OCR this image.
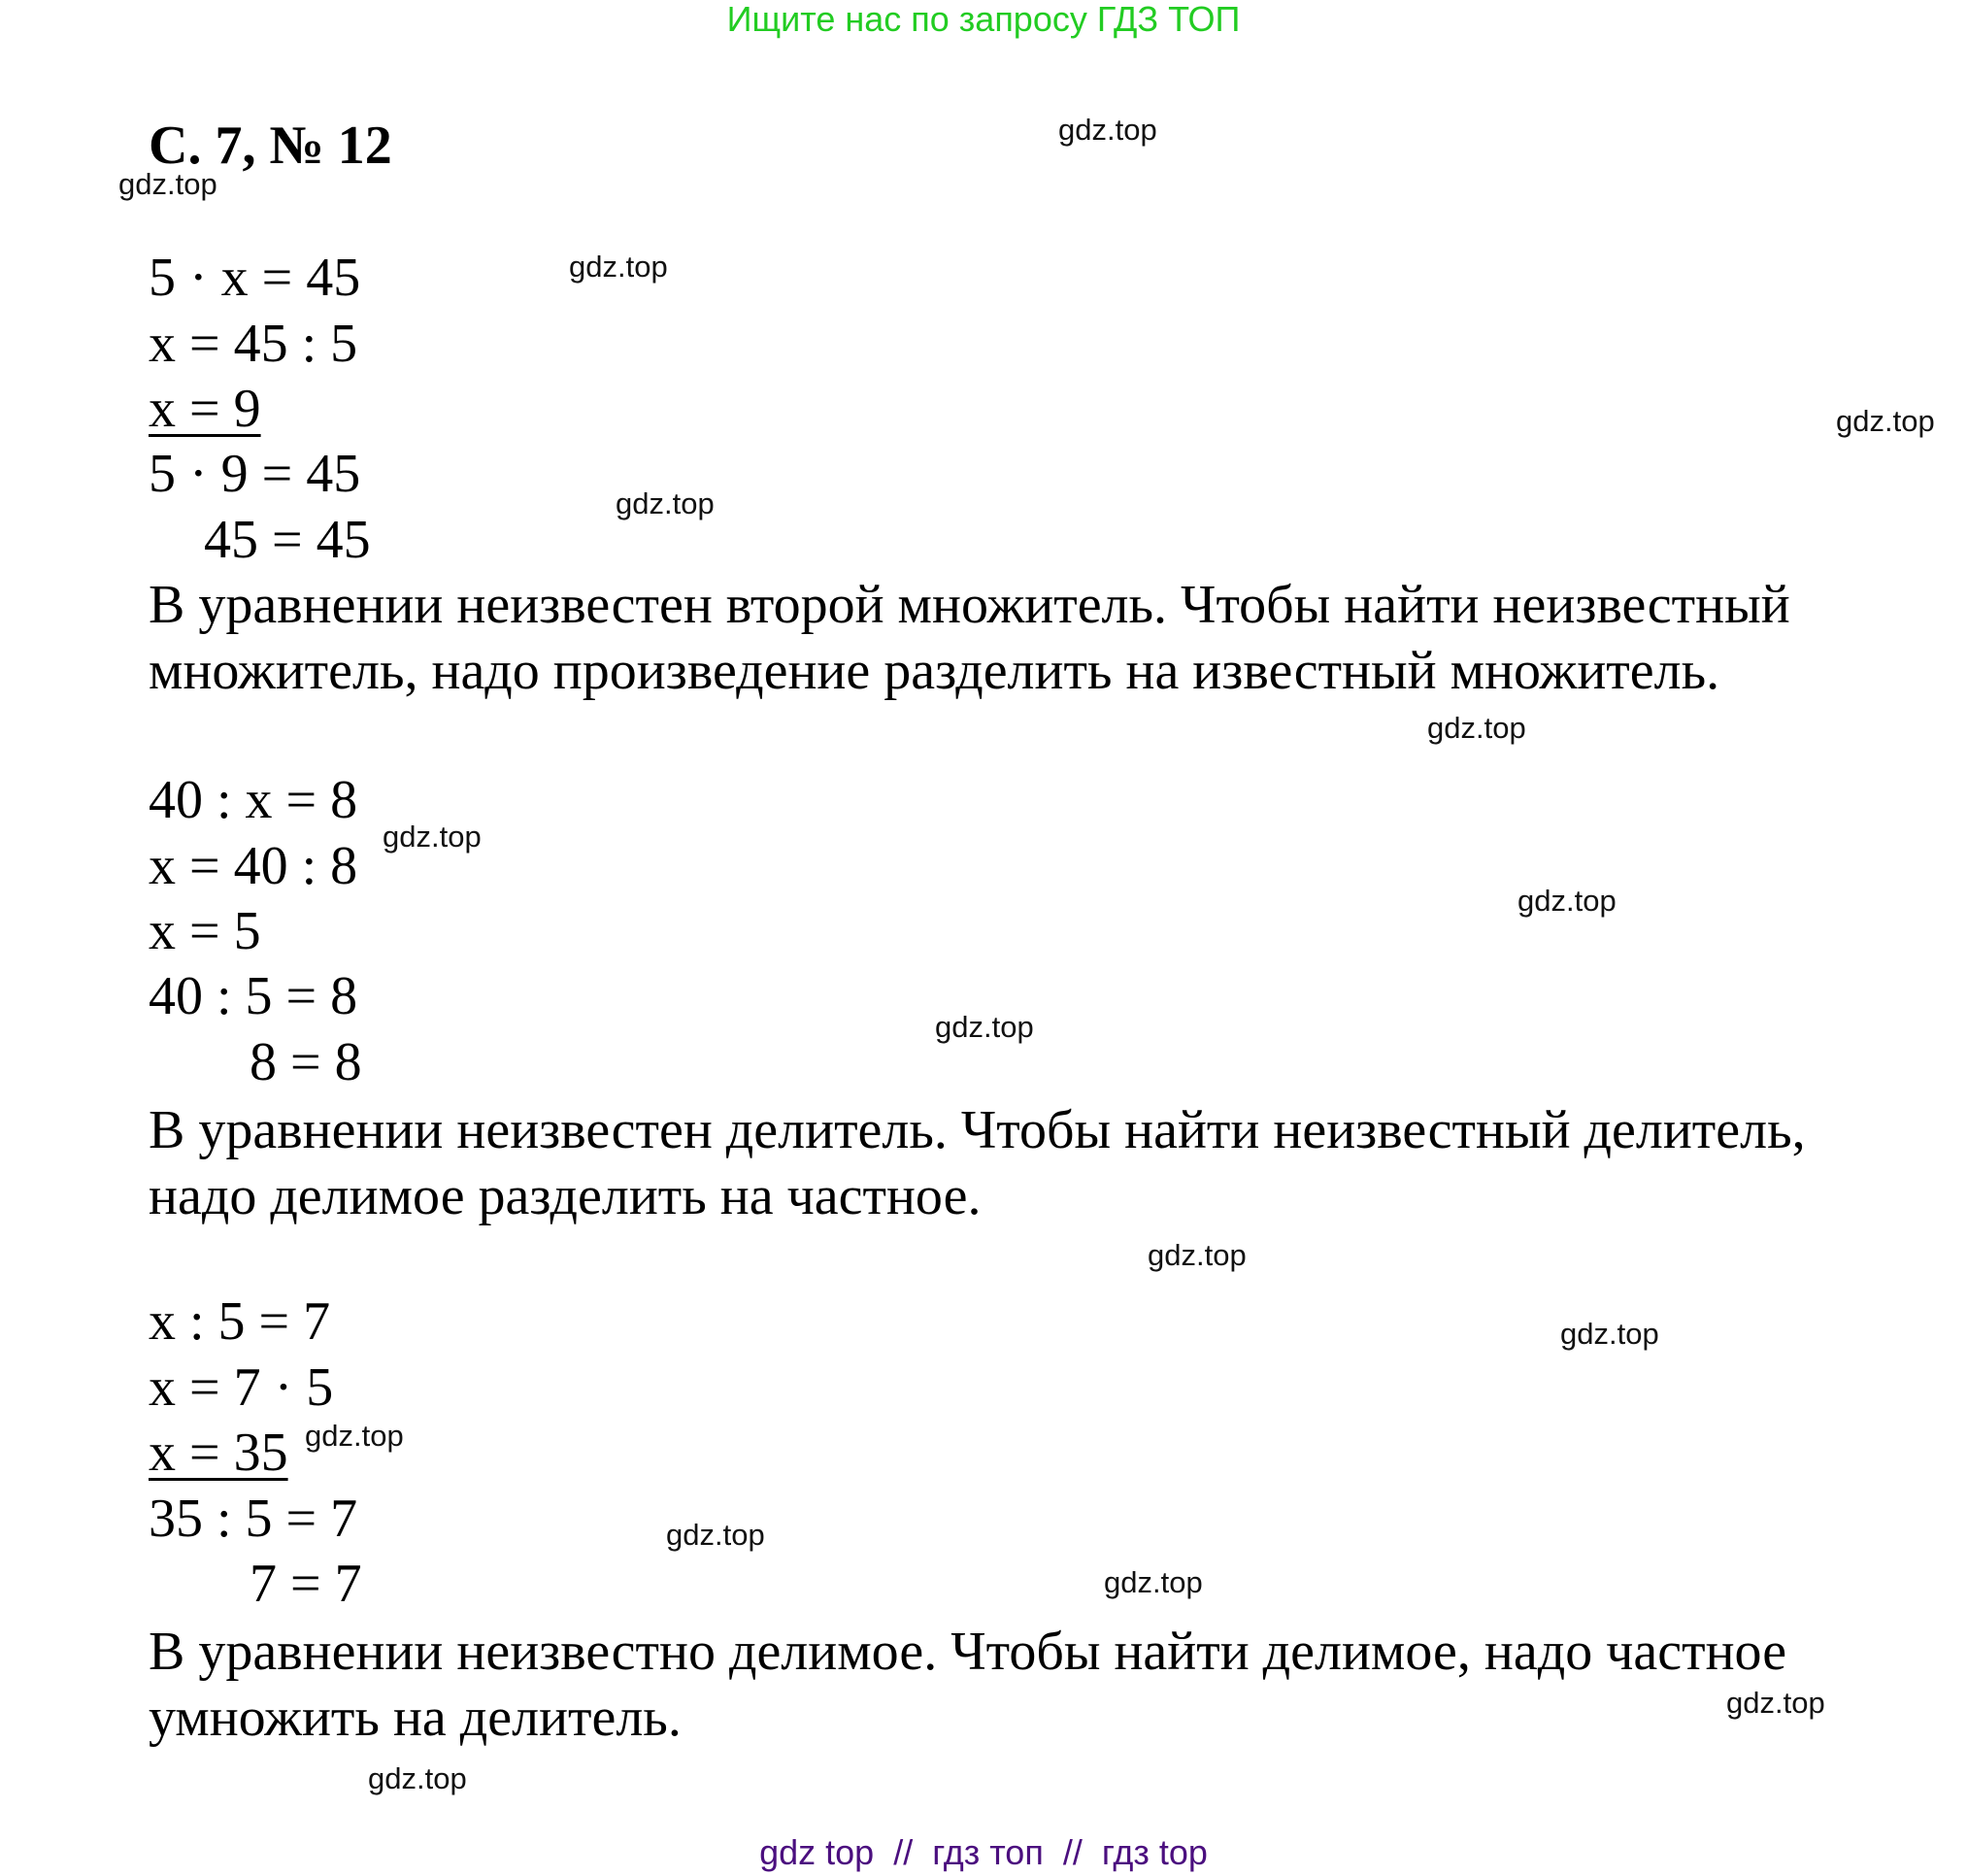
Ищите нас по запросу ГДЗ ТОП
С. 7, № 12
5 · x = 45
x = 45 : 5
x = 9
5 · 9 = 45
45 = 45
В уравнении неизвестен второй множитель. Чтобы найти неизвестный
множитель, надо произведение разделить на известный множитель.
40 : x = 8
x = 40 : 8
x = 5
40 : 5 = 8
8 = 8
В уравнении неизвестен делитель. Чтобы найти неизвестный делитель,
надо делимое разделить на частное.
x : 5 = 7
x = 7 · 5
x = 35
35 : 5 = 7
7 = 7
В уравнении неизвестно делимое. Чтобы найти делимое, надо частное
умножить на делитель.
gdz.top
gdz.top
gdz.top
gdz.top
gdz.top
gdz.top
gdz.top
gdz.top
gdz.top
gdz.top
gdz.top
gdz.top
gdz.top
gdz.top
gdz.top
gdz.top
gdz top  //  гдз топ  //  гдз top
